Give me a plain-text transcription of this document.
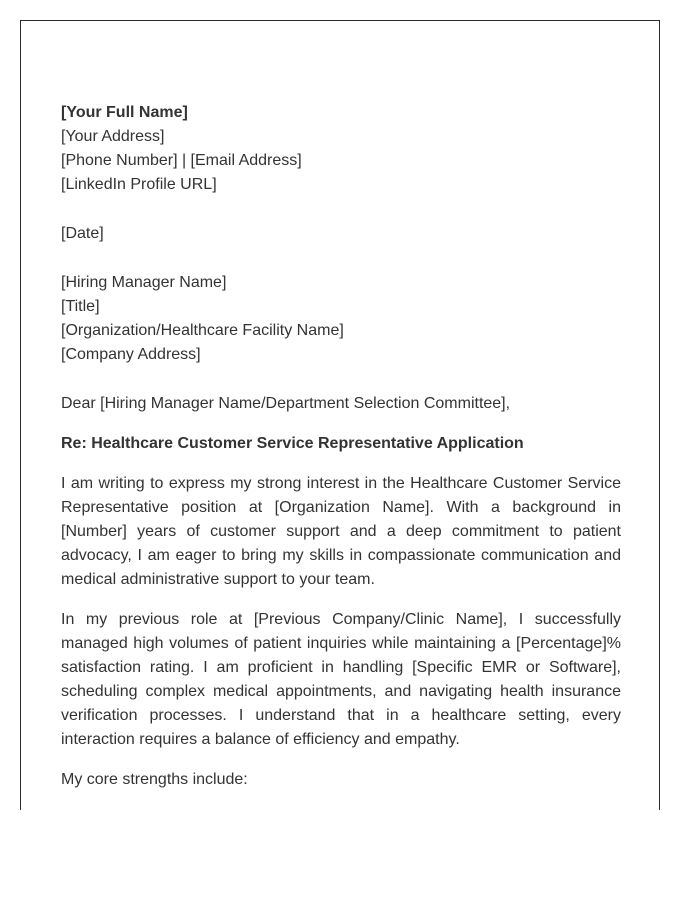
[Your Full Name]
[Your Address]
[Phone Number] | [Email Address]
[LinkedIn Profile URL]
[Date]
[Hiring Manager Name]
[Title]
[Organization/Healthcare Facility Name]
[Company Address]
Dear [Hiring Manager Name/Department Selection Committee],
Re: Healthcare Customer Service Representative Application

I am writing to express my strong interest in the Healthcare Customer Service Representative position at [Organization Name]. With a background in [Number] years of customer support and a deep commitment to patient advocacy, I am eager to bring my skills in compassionate communication and medical administrative support to your team.

In my previous role at [Previous Company/Clinic Name], I successfully managed high volumes of patient inquiries while maintaining a [Percentage]% satisfaction rating. I am proficient in handling [Specific EMR or Software], scheduling complex medical appointments, and navigating health insurance verification processes. I understand that in a healthcare setting, every interaction requires a balance of efficiency and empathy.

My core strengths include:
